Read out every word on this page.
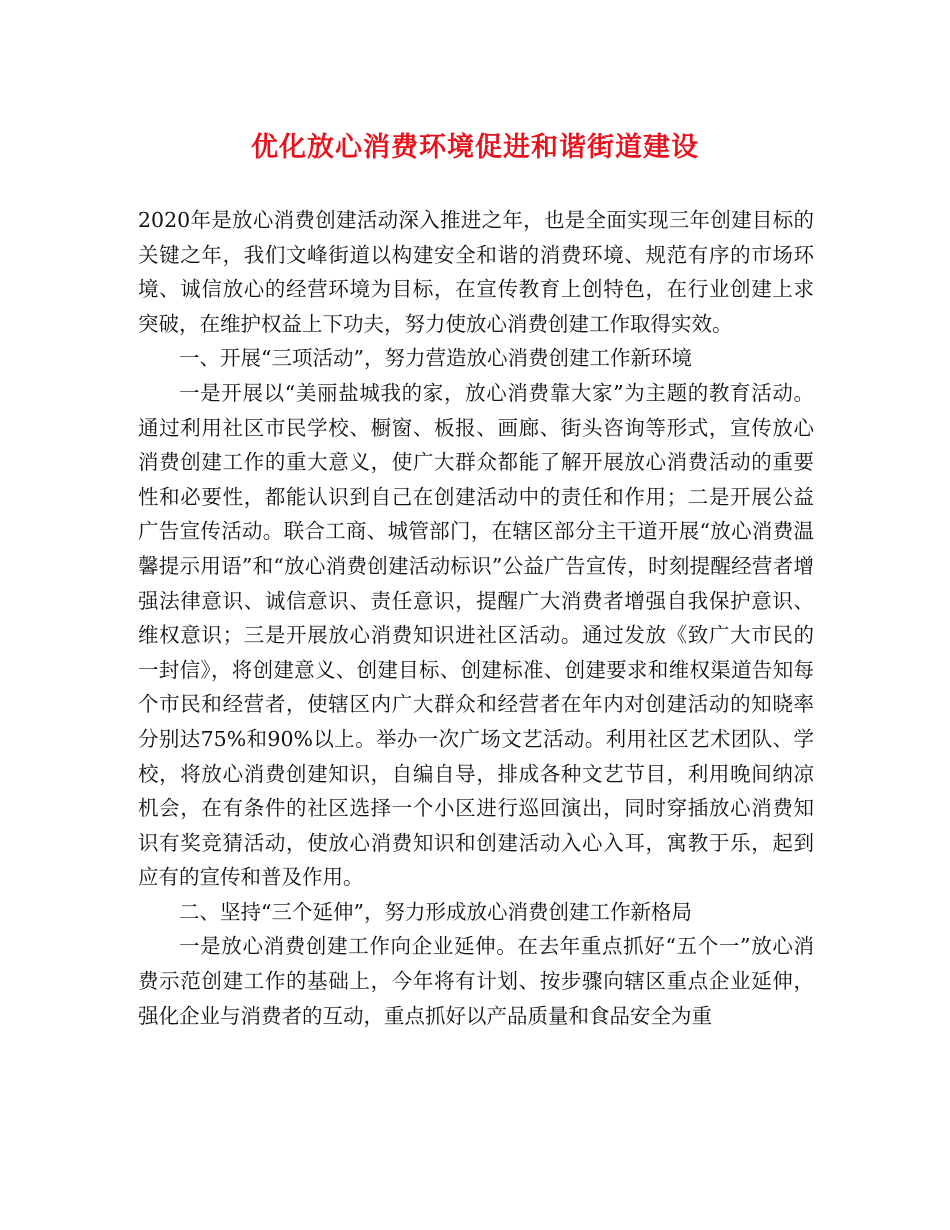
优化放心消费环境促进和谐街道建设

2020年是放心消费创建活动深入推进之年，也是全面实现三年创建目标的关键之年，我们文峰街道以构建安全和谐的消费环境、规范有序的市场环境、诚信放心的经营环境为目标，在宣传教育上创特色，在行业创建上求突破，在维护权益上下功夫，努力使放心消费创建工作取得实效。

一、开展“三项活动”，努力营造放心消费创建工作新环境

一是开展以“美丽盐城我的家，放心消费靠大家”为主题的教育活动。通过利用社区市民学校、橱窗、板报、画廊、街头咨询等形式，宣传放心消费创建工作的重大意义，使广大群众都能了解开展放心消费活动的重要性和必要性，都能认识到自己在创建活动中的责任和作用；二是开展公益广告宣传活动。联合工商、城管部门，在辖区部分主干道开展“放心消费温馨提示用语”和“放心消费创建活动标识”公益广告宣传，时刻提醒经营者增强法律意识、诚信意识、责任意识，提醒广大消费者增强自我保护意识、维权意识；三是开展放心消费知识进社区活动。通过发放《致广大市民的一封信》，将创建意义、创建目标、创建标准、创建要求和维权渠道告知每个市民和经营者，使辖区内广大群众和经营者在年内对创建活动的知晓率分别达75%和90%以上。举办一次广场文艺活动。利用社区艺术团队、学校，将放心消费创建知识，自编自导，排成各种文艺节目，利用晚间纳凉机会，在有条件的社区选择一个小区进行巡回演出，同时穿插放心消费知识有奖竞猜活动，使放心消费知识和创建活动入心入耳，寓教于乐，起到应有的宣传和普及作用。

二、坚持“三个延伸”，努力形成放心消费创建工作新格局

一是放心消费创建工作向企业延伸。在去年重点抓好“五个一”放心消费示范创建工作的基础上，今年将有计划、按步骤向辖区重点企业延伸，强化企业与消费者的互动，重点抓好以产品质量和食品安全为重
